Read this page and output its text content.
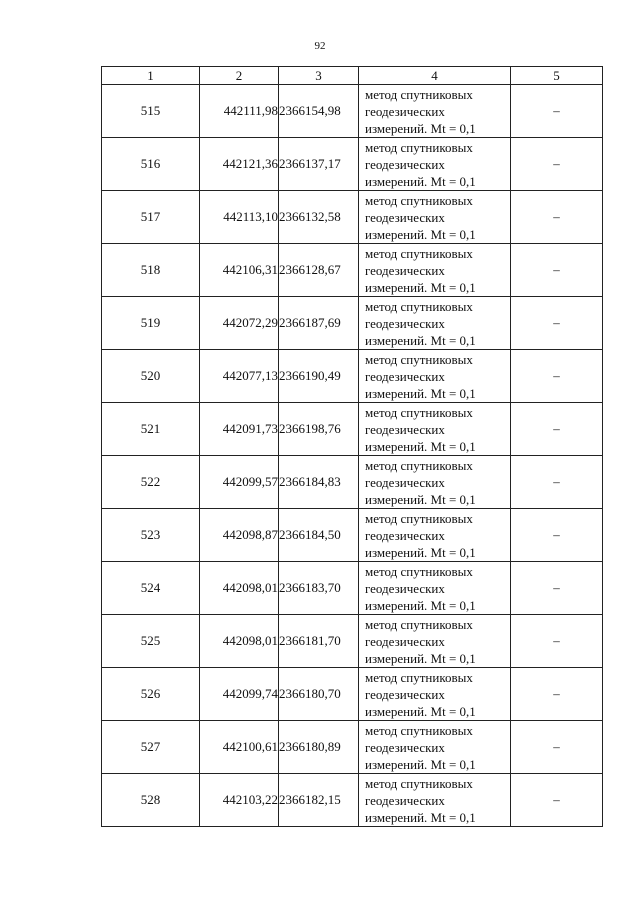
92
1	2	3	4	5
515	442111,98	2366154,98	метод спутниковых
геодезических
измерений. Mt = 0,1	–
516	442121,36	2366137,17	метод спутниковых
геодезических
измерений. Mt = 0,1	–
517	442113,10	2366132,58	метод спутниковых
геодезических
измерений. Mt = 0,1	–
518	442106,31	2366128,67	метод спутниковых
геодезических
измерений. Mt = 0,1	–
519	442072,29	2366187,69	метод спутниковых
геодезических
измерений. Mt = 0,1	–
520	442077,13	2366190,49	метод спутниковых
геодезических
измерений. Mt = 0,1	–
521	442091,73	2366198,76	метод спутниковых
геодезических
измерений. Mt = 0,1	–
522	442099,57	2366184,83	метод спутниковых
геодезических
измерений. Mt = 0,1	–
523	442098,87	2366184,50	метод спутниковых
геодезических
измерений. Mt = 0,1	–
524	442098,01	2366183,70	метод спутниковых
геодезических
измерений. Mt = 0,1	–
525	442098,01	2366181,70	метод спутниковых
геодезических
измерений. Mt = 0,1	–
526	442099,74	2366180,70	метод спутниковых
геодезических
измерений. Mt = 0,1	–
527	442100,61	2366180,89	метод спутниковых
геодезических
измерений. Mt = 0,1	–
528	442103,22	2366182,15	метод спутниковых
геодезических
измерений. Mt = 0,1	–
